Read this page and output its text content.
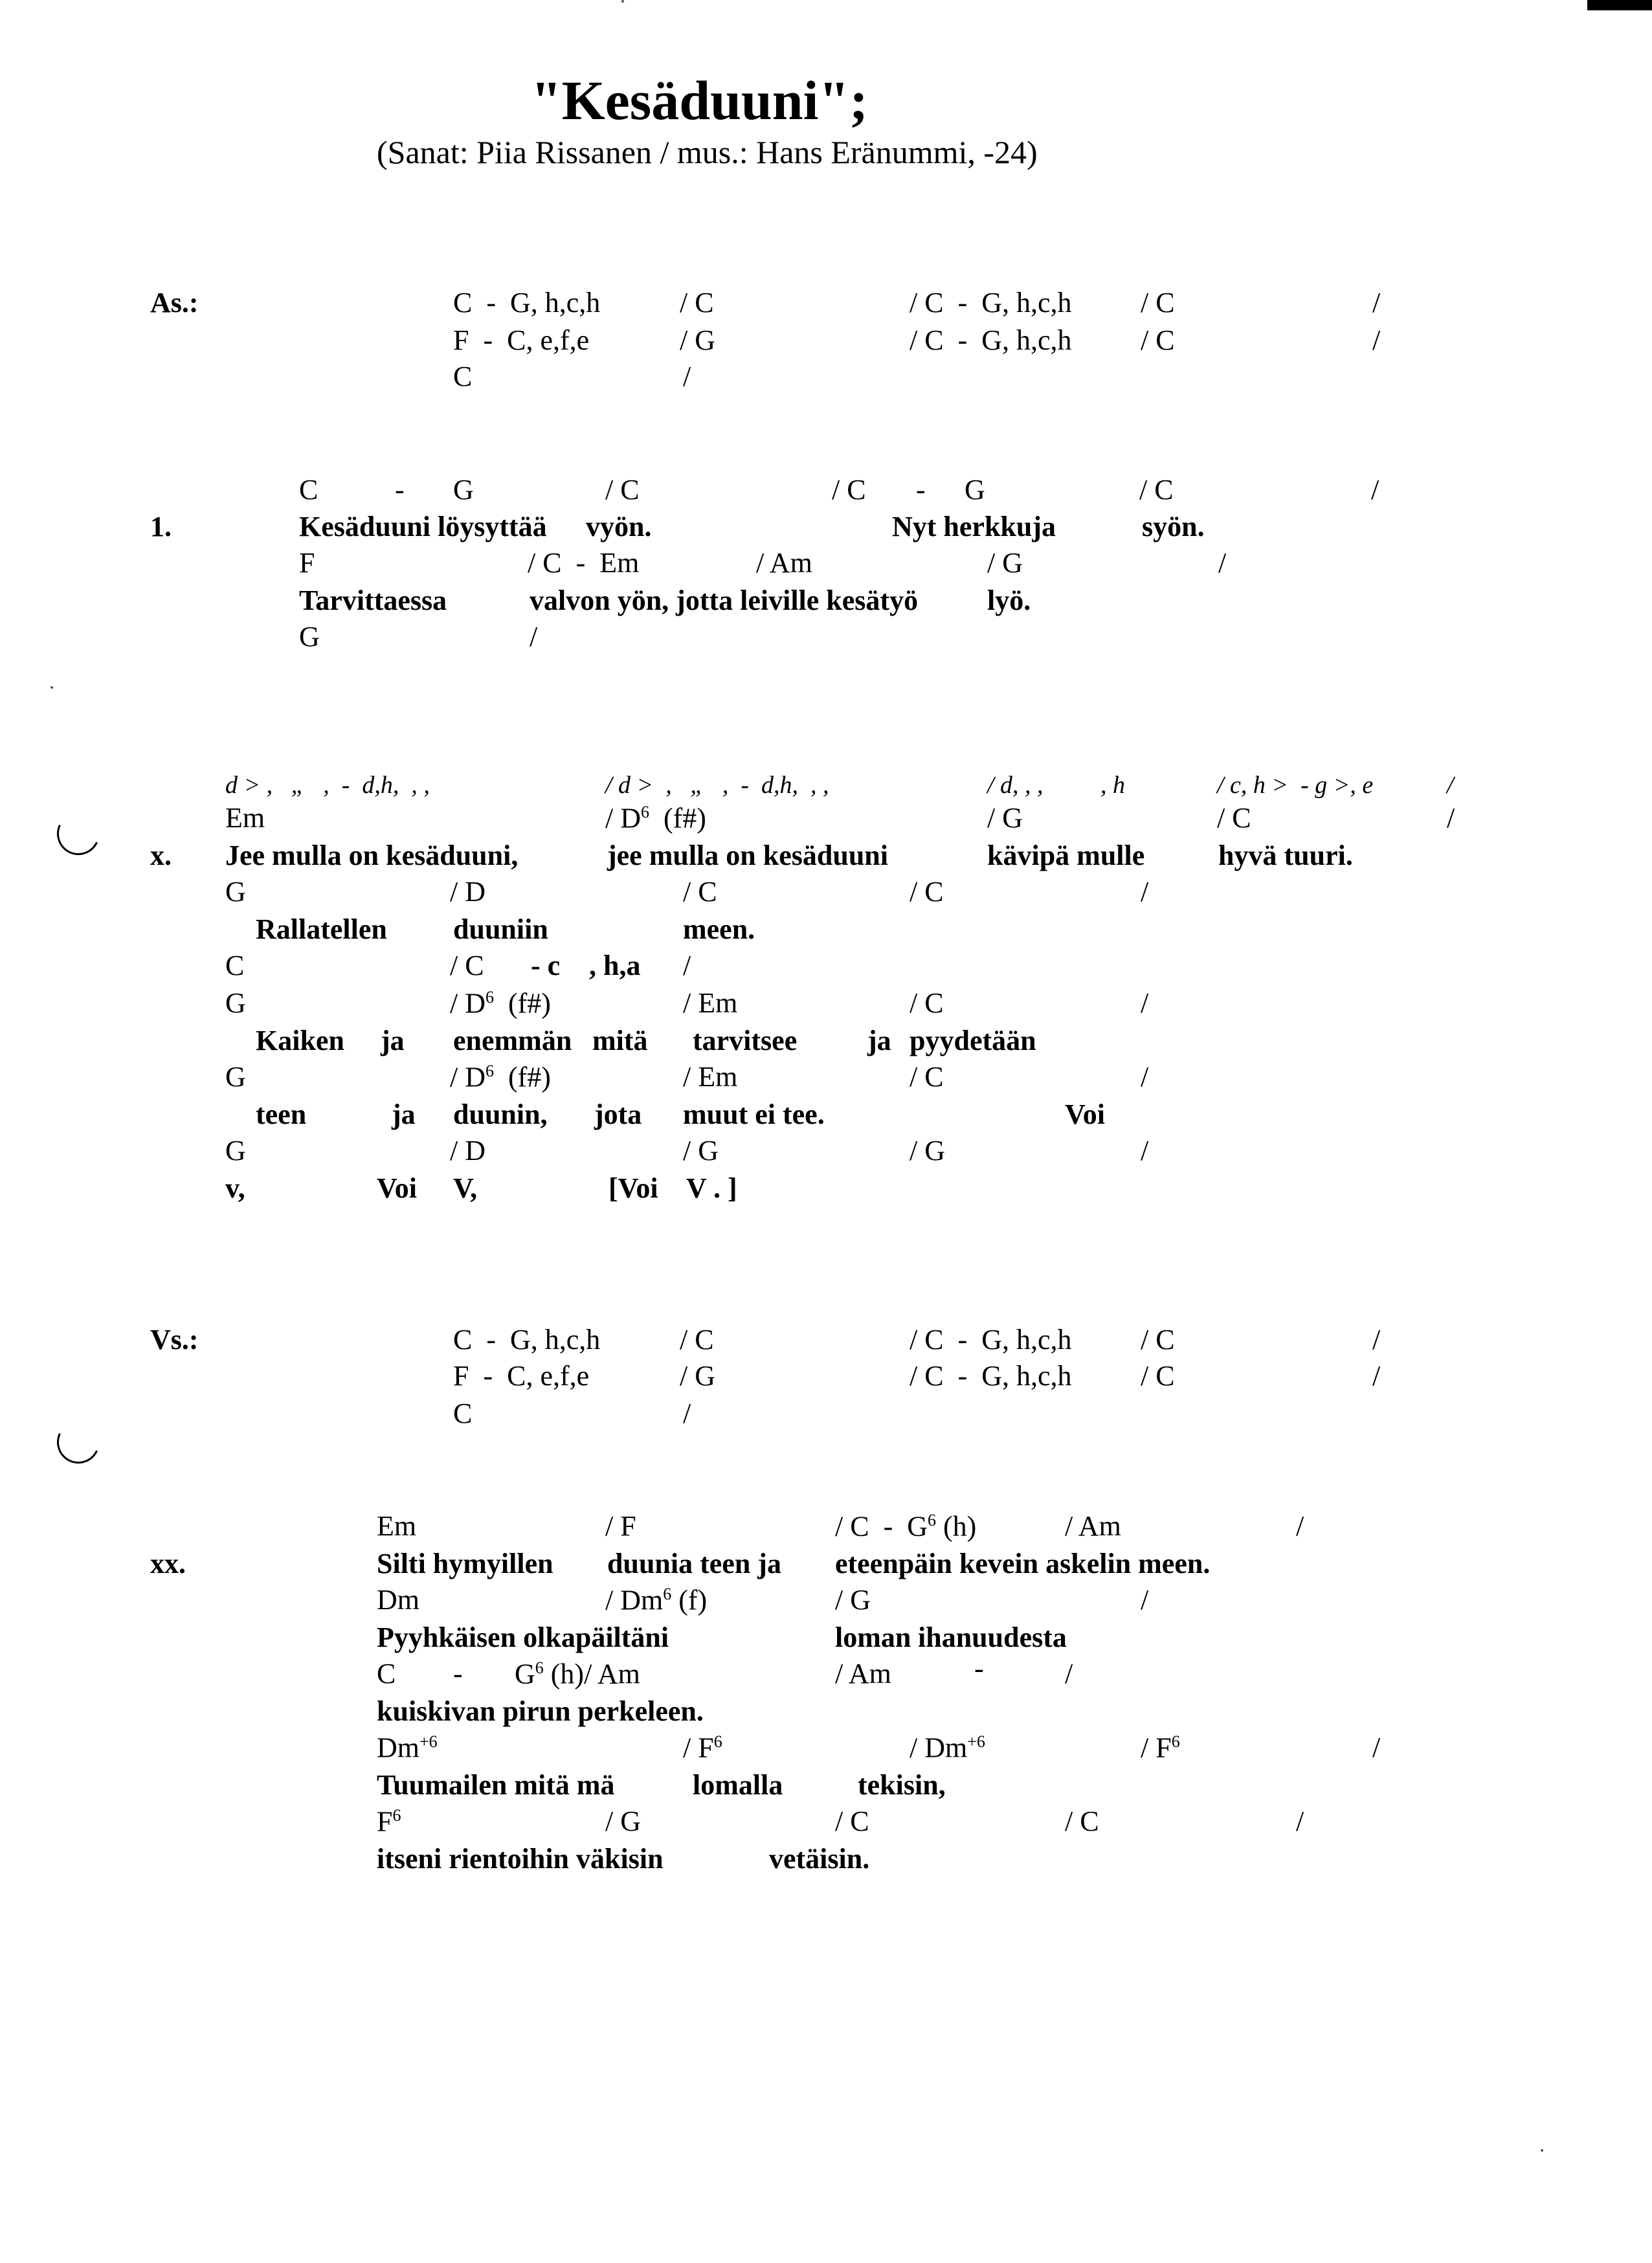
"Kesäduuni";
(Sanat: Piia Rissanen / mus.: Hans Eränummi, -24)
As.:	C  -  G, h,c,h	/ C	/ C  -  G, h,c,h / C	/
F  -  C, e,f,e	/ G	/ C  -  G, h,c,h / C	/
C	/
C	- G	/ C	/ C - G	/ C	/
1.	Kesäduuni löysyttää vyön.	Nyt herkkuja	syön.
F	/ C  -  Em	/ Am	/ G	/
Tarvittaessa	valvon yön, jotta leiville kesätyö lyö.
G	/
d > ,   „   ,  -  d,h,  , ,	/ d >  ,   „   ,  -  d,h,  , ,	/ d, , , , h	/ c, h >  - g >, e	/
Em	/ $D^6$ (f#)	/ G	/ C	/
x. Jee mulla on kesäduuni,	jee mulla on kesäduuni	kävipä mulle	hyvä tuuri.
G	/ D	/ C	/ C	/
Rallatellen duuniin	meen.
C	/ C - c , h,a /
G	/ $D^6$ (f#)	/ Em	/ C	/
Kaiken ja enemmän mitä tarvitsee ja pyydetään
G	/ $D^6$ (f#)	/ Em	/ C	/
teen	ja duunin, jota muut ei tee.	Voi
G	/ D	/ G	/ G	/
v,	Voi V,	[Voi V . ]
Vs.:	C  -  G, h,c,h	/ C	/ C  -  G, h,c,h / C	/
F  -  C, e,f,e	/ G	/ C  -  G, h,c,h / C	/
C	/
Em	/ F	/ C  -  $G^6$ (h)	/ Am	/
xx.	Silti hymyillen duunia teen ja eteenpäin kevein askelin meen.
Dm	/ Dm$^6$ (f)	/ G	/
Pyyhkäisen olkapäiltäni	loman ihanuudesta
C - $G^6$ (h)/ Am	/ Am	-	/
kuiskivan pirun perkeleen.
$Dm^{+6}$	/ $F^6$	/ $Dm^{+6}$	/ $F^6$	/
Tuumailen mitä mä	lomalla	tekisin,
$F^6$	/ G	/ C	/ C	/
itseni rientoihin väkisin	vetäisin.
